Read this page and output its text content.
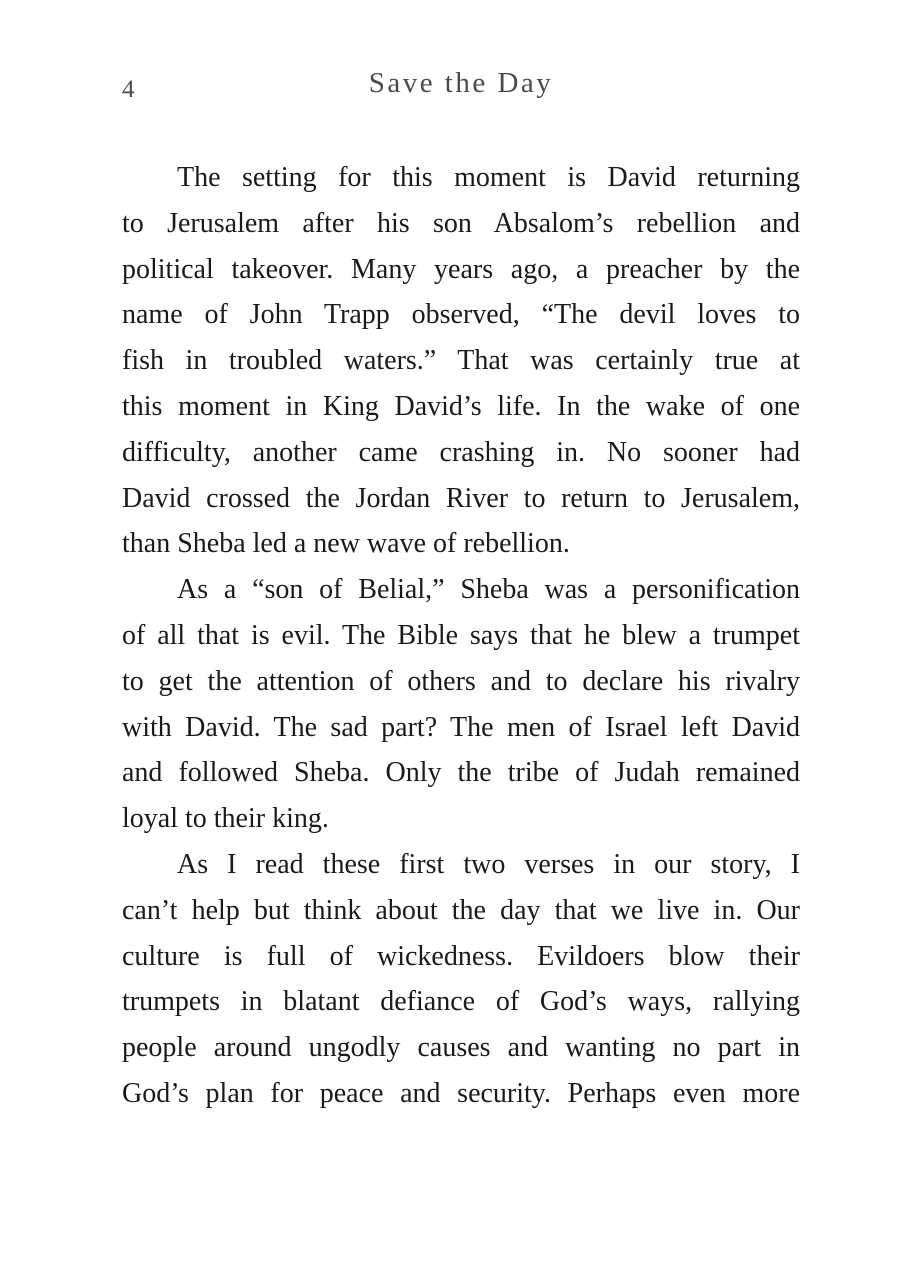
4	Save the Day
The setting for this moment is David returning
to Jerusalem after his son Absalom’s rebellion and
political takeover. Many years ago, a preacher by the
name of John Trapp observed, “The devil loves to
fish in troubled waters.” That was certainly true at
this moment in King David’s life. In the wake of one
difficulty, another came crashing in. No sooner had
David crossed the Jordan River to return to Jerusalem,
than Sheba led a new wave of rebellion.
As a “son of Belial,” Sheba was a personification
of all that is evil. The Bible says that he blew a trumpet
to get the attention of others and to declare his rivalry
with David. The sad part? The men of Israel left David
and followed Sheba. Only the tribe of Judah remained
loyal to their king.
As I read these first two verses in our story, I
can’t help but think about the day that we live in. Our
culture is full of wickedness. Evildoers blow their
trumpets in blatant defiance of God’s ways, rallying
people around ungodly causes and wanting no part in
God’s plan for peace and security. Perhaps even more
